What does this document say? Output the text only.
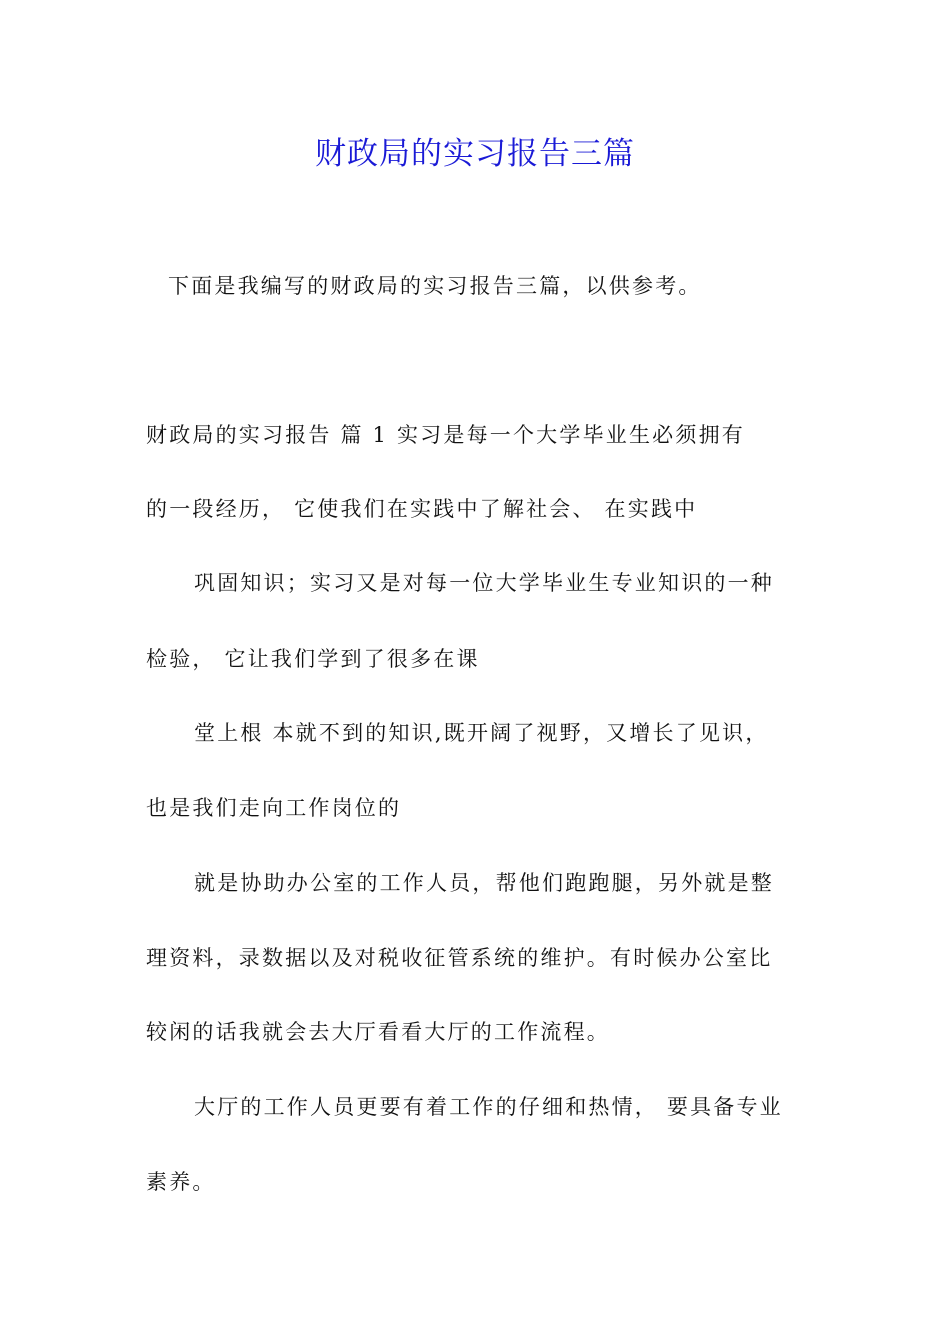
财政局的实习报告三篇
下面是我编写的财政局的实习报告三篇，以供参考。
财政局的实习报告 篇 1 实习是每一个大学毕业生必须拥有
的一段经历， 它使我们在实践中了解社会、 在实践中
巩固知识；实习又是对每一位大学毕业生专业知识的一种
检验， 它让我们学到了很多在课
堂上根 本就不到的知识,既开阔了视野，又增长了见识，
也是我们走向工作岗位的
就是协助办公室的工作人员，帮他们跑跑腿，另外就是整
理资料，录数据以及对税收征管系统的维护。有时候办公室比
较闲的话我就会去大厅看看大厅的工作流程。
大厅的工作人员更要有着工作的仔细和热情， 要具备专业
素养。
